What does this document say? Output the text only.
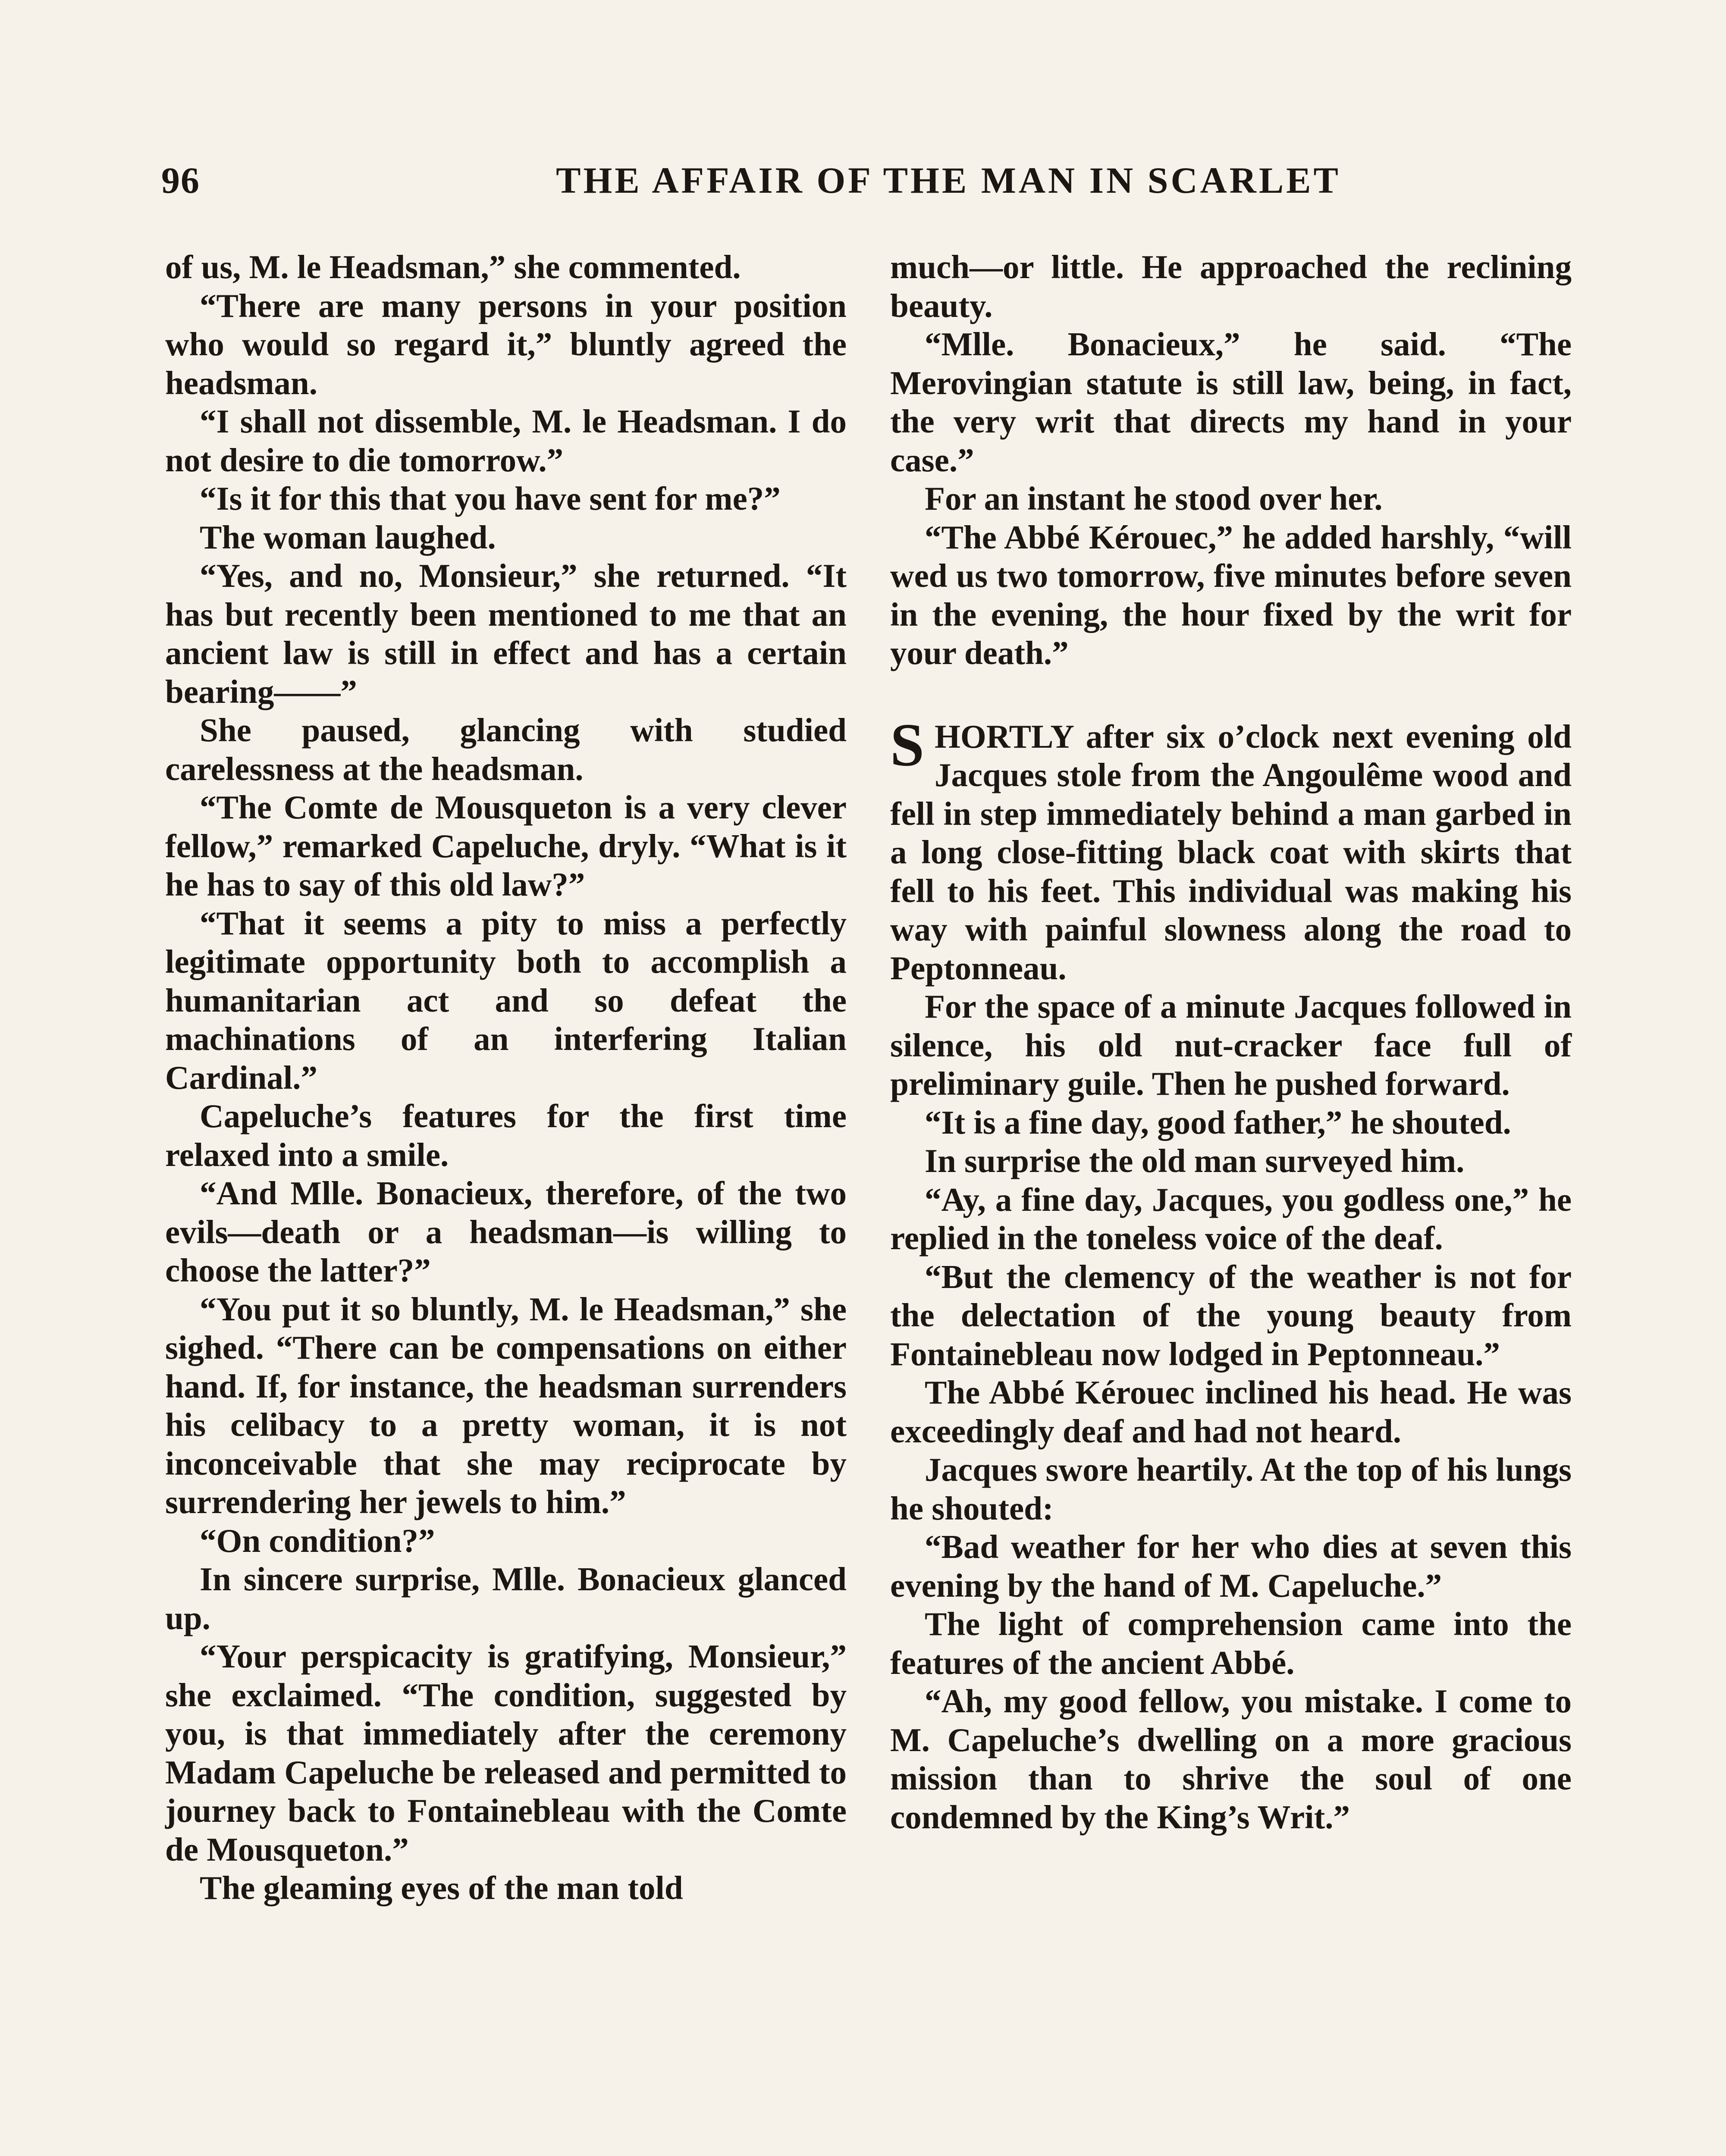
96	THE AFFAIR OF THE MAN IN SCARLET

of us, M. le Headsman,” she commented.

“There are many persons in your position who would so regard it,” bluntly agreed the headsman.

“I shall not dissemble, M. le Headsman. I do not desire to die tomorrow.”

“Is it for this that you have sent for me?”

The woman laughed.

“Yes, and no, Monsieur,” she returned. “It has but recently been mentioned to me that an ancient law is still in effect and has a certain bearing——”

She paused, glancing with studied carelessness at the headsman.

“The Comte de Mousqueton is a very clever fellow,” remarked Capeluche, dryly. “What is it he has to say of this old law?”

“That it seems a pity to miss a perfectly legitimate opportunity both to accomplish a humanitarian act and so defeat the machinations of an interfering Italian Cardinal.”

Capeluche’s features for the first time relaxed into a smile.

“And Mlle. Bonacieux, therefore, of the two evils—death or a headsman—is willing to choose the latter?”

“You put it so bluntly, M. le Headsman,” she sighed. “There can be compensations on either hand. If, for instance, the headsman surrenders his celibacy to a pretty woman, it is not inconceivable that she may reciprocate by surrendering her jewels to him.”

“On condition?”

In sincere surprise, Mlle. Bonacieux glanced up.

“Your perspicacity is gratifying, Monsieur,” she exclaimed. “The condition, suggested by you, is that immediately after the ceremony Madam Capeluche be released and permitted to journey back to Fontainebleau with the Comte de Mousqueton.”

The gleaming eyes of the man told

much—or little. He approached the reclining beauty.

“Mlle. Bonacieux,” he said. “The Merovingian statute is still law, being, in fact, the very writ that directs my hand in your case.”

For an instant he stood over her.

“The Abbé Kérouec,” he added harshly, “will wed us two tomorrow, five minutes before seven in the evening, the hour fixed by the writ for your death.”

SHORTLY after six o’clock next evening old Jacques stole from the Angoulême wood and fell in step immediately behind a man garbed in a long close-fitting black coat with skirts that fell to his feet. This individual was making his way with painful slowness along the road to Peptonneau.

For the space of a minute Jacques followed in silence, his old nut-cracker face full of preliminary guile. Then he pushed forward.

“It is a fine day, good father,” he shouted.

In surprise the old man surveyed him.

“Ay, a fine day, Jacques, you godless one,” he replied in the toneless voice of the deaf.

“But the clemency of the weather is not for the delectation of the young beauty from Fontainebleau now lodged in Peptonneau.”

The Abbé Kérouec inclined his head. He was exceedingly deaf and had not heard.

Jacques swore heartily. At the top of his lungs he shouted:

“Bad weather for her who dies at seven this evening by the hand of M. Capeluche.”

The light of comprehension came into the features of the ancient Abbé.

“Ah, my good fellow, you mistake. I come to M. Capeluche’s dwelling on a more gracious mission than to shrive the soul of one condemned by the King’s Writ.”
